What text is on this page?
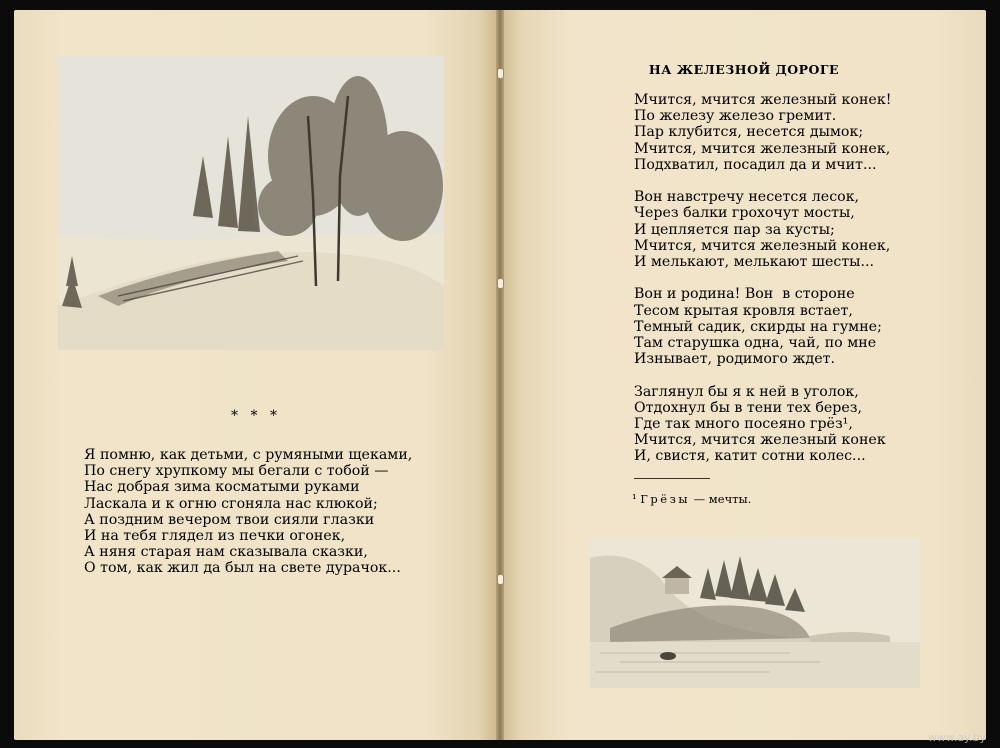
* * *
Я помню, как детьми, с румяными щеками,
По снегу хрупкому мы бегали с тобой —
Нас добрая зима косматыми руками
Ласкала и к огню сгоняла нас клюкой;
А поздним вечером твои сияли глазки
И на тебя глядел из печки огонек,
А няня старая нам сказывала сказки,
О том, как жил да был на свете дурачок...
НА ЖЕЛЕЗНОЙ ДОРОГЕ
Мчится, мчится железный конек!
По железу железо гремит.
Пар клубится, несется дымок;
Мчится, мчится железный конек,
Подхватил, посадил да и мчит...
Вон навстречу несется лесок,
Через балки грохочут мосты,
И цепляется пар за кусты;
Мчится, мчится железный конек,
И мелькают, мелькают шесты...
Вон и родина! Вон  в стороне
Тесом крытая кровля встает,
Темный садик, скирды на гумне;
Там старушка одна, чай, по мне
Изнывает, родимого ждет.
Заглянул бы я к ней в уголок,
Отдохнул бы в тени тех берез,
Где так много посеяно грёз¹,
Мчится, мчится железный конек
И, свистя, катит сотни колес...
¹ Грёзы — мечты.
www.ay.by
